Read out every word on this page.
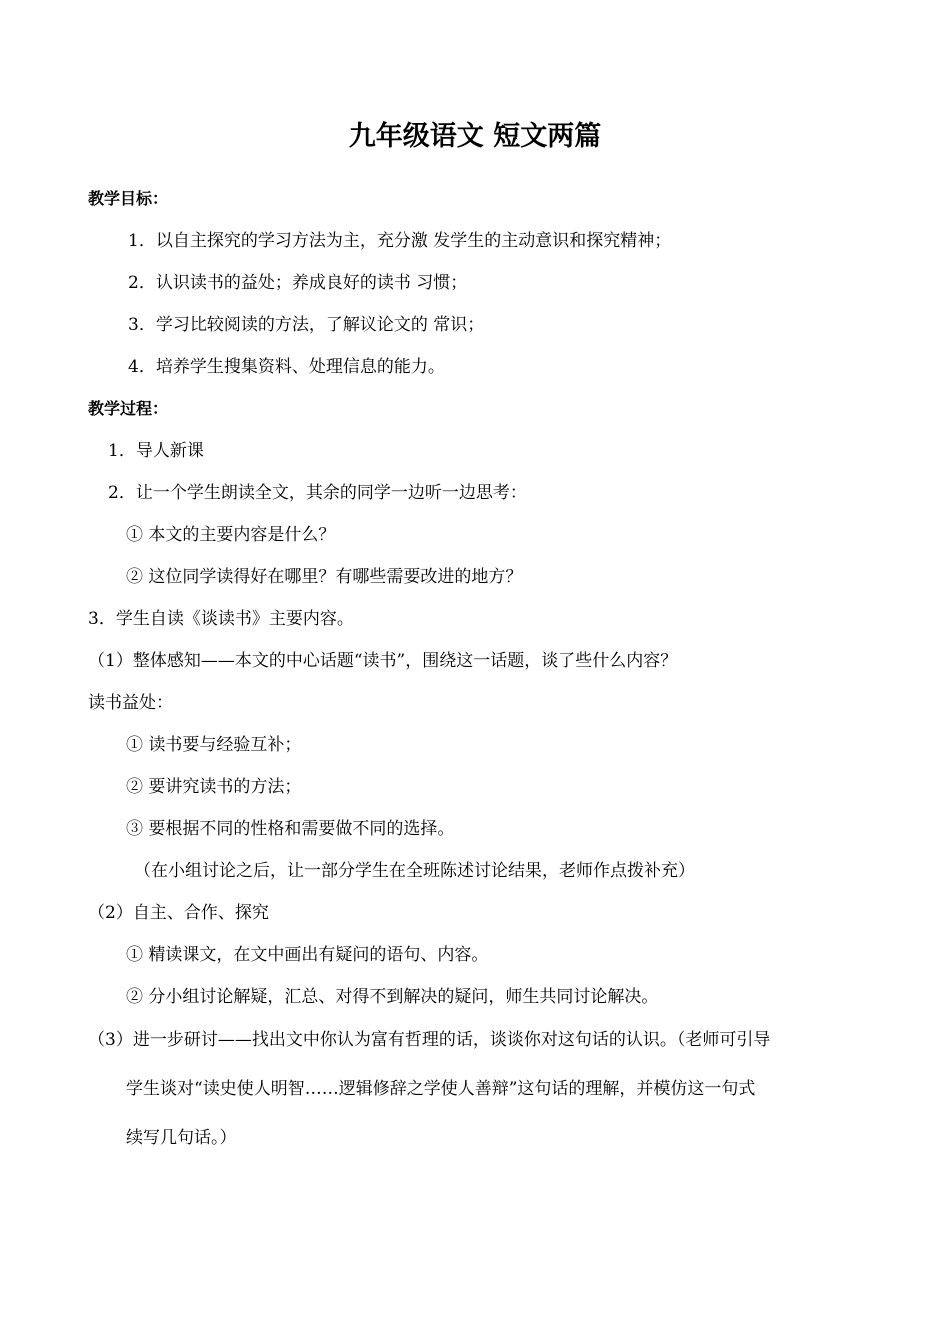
九年级语文 短文两篇
教学目标：
1．以自主探究的学习方法为主，充分激 发学生的主动意识和探究精神；
2．认识读书的益处；养成良好的读书 习惯；
3．学习比较阅读的方法，了解议论文的 常识；
4．培养学生搜集资料、处理信息的能力。
教学过程：
1．导人新课
2．让一个学生朗读全文，其余的同学一边听一边思考：
① 本文的主要内容是什么？
② 这位同学读得好在哪里？有哪些需要改进的地方？
3．学生自读《谈读书》主要内容。
（1）整体感知——本文的中心话题“读书”，围绕这一话题，谈了些什么内容？
读书益处：
① 读书要与经验互补；
② 要讲究读书的方法；
③ 要根据不同的性格和需要做不同的选择。
（在小组讨论之后，让一部分学生在全班陈述讨论结果，老师作点拨补充）
（2）自主、合作、探究
① 精读课文，在文中画出有疑问的语句、内容。
② 分小组讨论解疑，汇总、对得不到解决的疑问，师生共同讨论解决。
（3）进一步研讨——找出文中你认为富有哲理的话，谈谈你对这句话的认识。（老师可引导
学生谈对“读史使人明智……逻辑修辞之学使人善辩”这句话的理解，并模仿这一句式
续写几句话。）
